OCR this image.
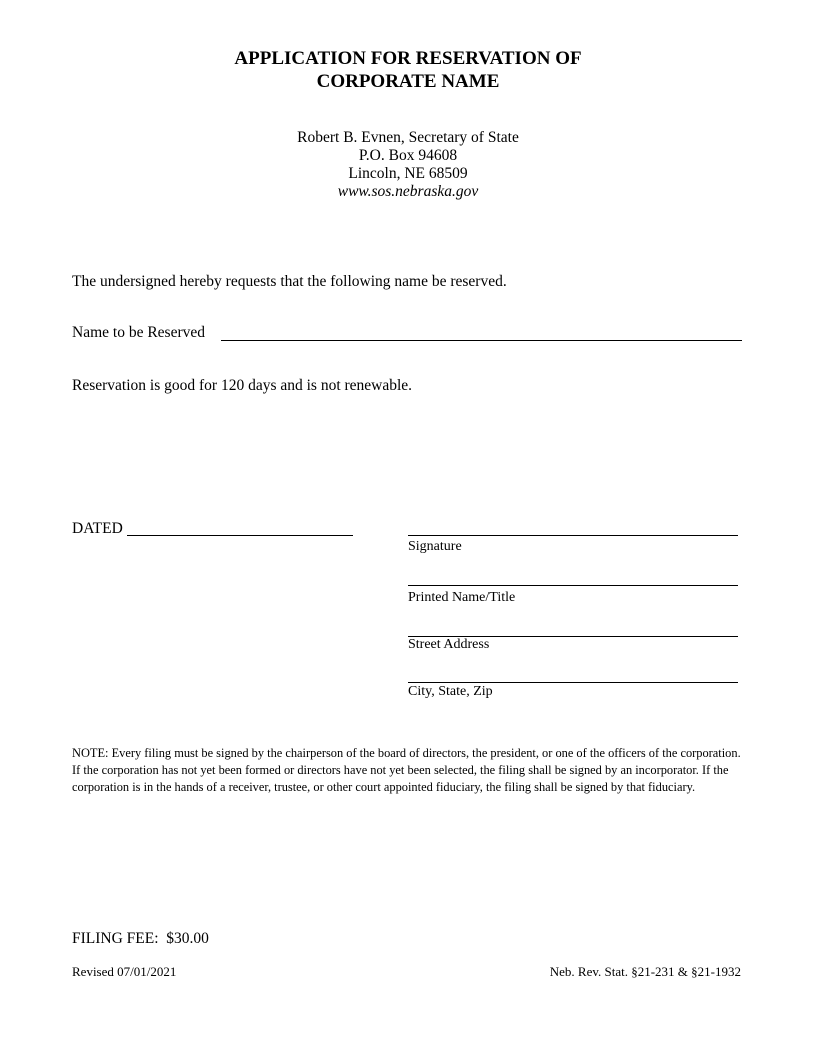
APPLICATION FOR RESERVATION OF
CORPORATE NAME
Robert B. Evnen, Secretary of State
P.O. Box 94608
Lincoln, NE 68509
www.sos.nebraska.gov
The undersigned hereby requests that the following name be reserved.
Name to be Reserved
Reservation is good for 120 days and is not renewable.
DATED
Signature
Printed Name/Title
Street Address
City, State, Zip
NOTE: Every filing must be signed by the chairperson of the board of directors, the president, or one of the officers of the corporation. If the corporation has not yet been formed or directors have not yet been selected, the filing shall be signed by an incorporator. If the corporation is in the hands of a receiver, trustee, or other court appointed fiduciary, the filing shall be signed by that fiduciary.
FILING FEE: $30.00
Revised 07/01/2021	Neb. Rev. Stat. §21-231 & §21-1932
